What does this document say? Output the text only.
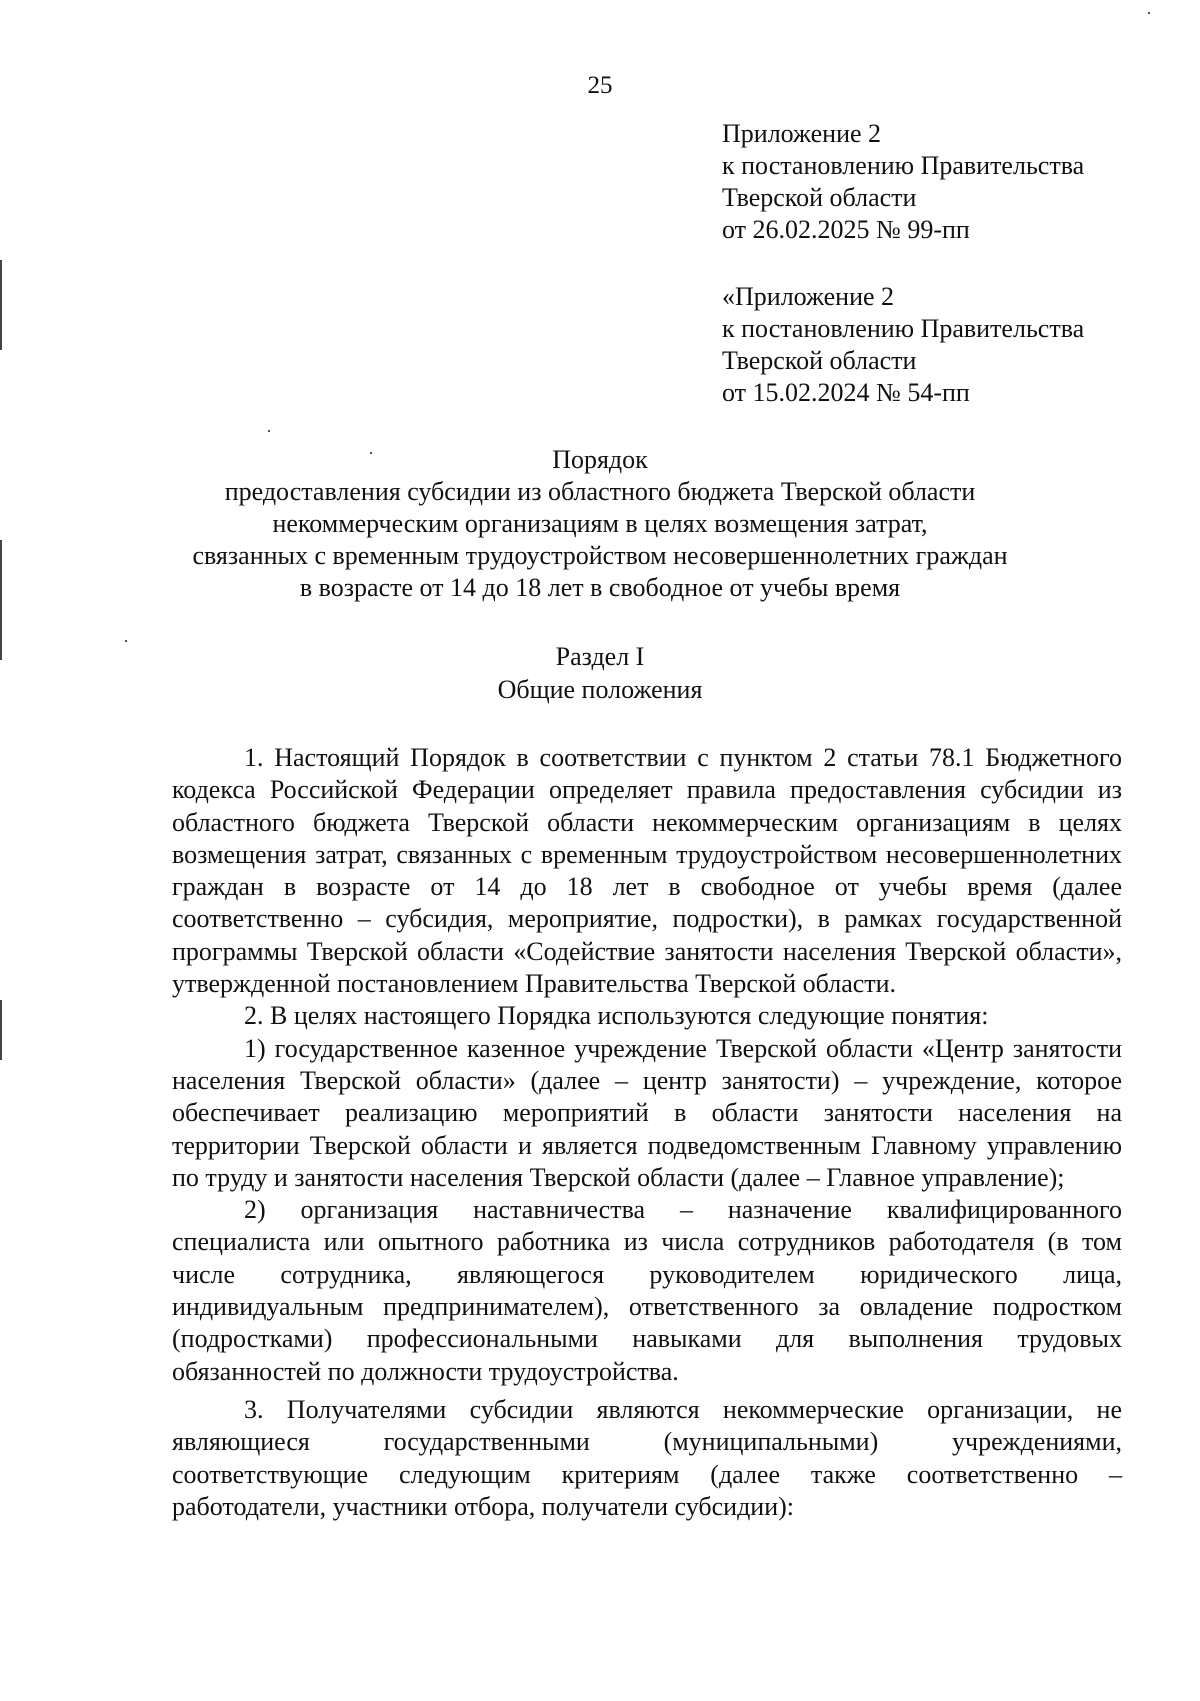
25
Приложение 2
к постановлению Правительства
Тверской области
от 26.02.2025 № 99-пп
«Приложение 2
к постановлению Правительства
Тверской области
от 15.02.2024 № 54-пп
Порядок
предоставления субсидии из областного бюджета Тверской области
некоммерческим организациям в целях возмещения затрат,
связанных с временным трудоустройством несовершеннолетних граждан
в возрасте от 14 до 18 лет в свободное от учебы время
Раздел I
Общие положения

1. Настоящий Порядок в соответствии с пунктом 2 статьи 78.1 Бюджетного кодекса Российской Федерации определяет правила предоставления субсидии из областного бюджета Тверской области некоммерческим организациям в целях возмещения затрат, связанных с временным трудоустройством несовершеннолетних граждан в возрасте от 14 до 18 лет в свободное от учебы время (далее соответственно – субсидия, мероприятие, подростки), в рамках государственной программы Тверской области «Содействие занятости населения Тверской области», утвержденной постановлением Правительства Тверской области.

2. В целях настоящего Порядка используются следующие понятия:

1) государственное казенное учреждение Тверской области «Центр занятости населения Тверской области» (далее – центр занятости) – учреждение, которое обеспечивает реализацию мероприятий в области занятости населения на территории Тверской области и является подведомственным Главному управлению по труду и занятости населения Тверской области (далее – Главное управление);

2) организация наставничества – назначение квалифицированного специалиста или опытного работника из числа сотрудников работодателя (в том числе сотрудника, являющегося руководителем юридического лица, индивидуальным предпринимателем), ответственного за овладение подростком (подростками) профессиональными навыками для выполнения трудовых обязанностей по должности трудоустройства.

3. Получателями субсидии являются некоммерческие организации, не являющиеся государственными (муниципальными) учреждениями, соответствующие следующим критериям (далее также соответственно – работодатели, участники отбора, получатели субсидии):
